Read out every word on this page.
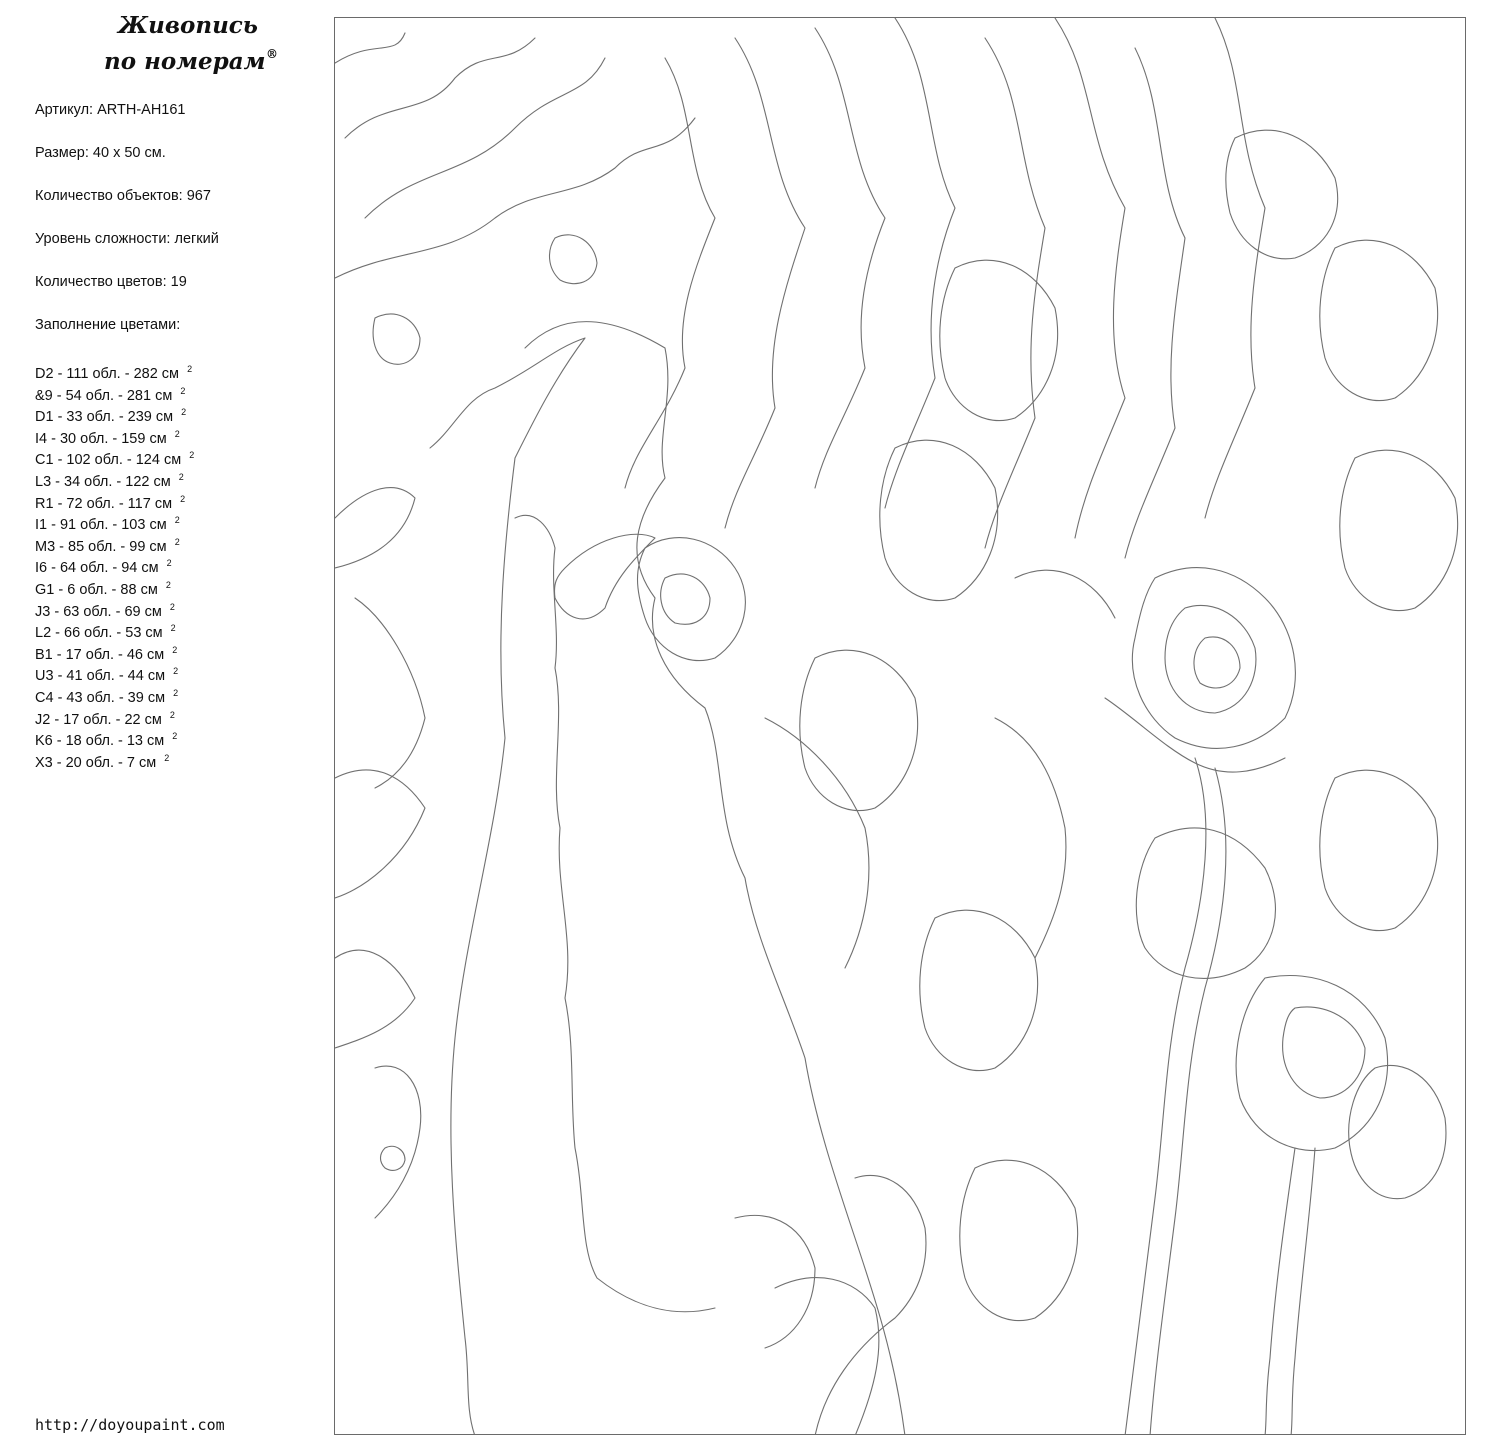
Живопись
по номерам ®
Артикул: ARTH-AH161
Размер: 40 х 50 см.
Количество объектов: 967
Уровень сложности: легкий
Количество цветов: 19
Заполнение цветами:
D2 - 111 обл. - 282 см $^2$
&9 - 54 обл. - 281 см $^2$
D1 - 33 обл. - 239 см $^2$
I4 - 30 обл. - 159 см $^2$
C1 - 102 обл. - 124 см $^2$
L3 - 34 обл. - 122 см $^2$
R1 - 72 обл. - 117 см $^2$
I1 - 91 обл. - 103 см $^2$
M3 - 85 обл. - 99 см $^2$
I6 - 64 обл. - 94 см $^2$
G1 - 6 обл. - 88 см $^2$
J3 - 63 обл. - 69 см $^2$
L2 - 66 обл. - 53 см $^2$
B1 - 17 обл. - 46 см $^2$
U3 - 41 обл. - 44 см $^2$
C4 - 43 обл. - 39 см $^2$
J2 - 17 обл. - 22 см $^2$
K6 - 18 обл. - 13 см $^2$
X3 - 20 обл. - 7 см $^2$
http://doyoupaint.com
